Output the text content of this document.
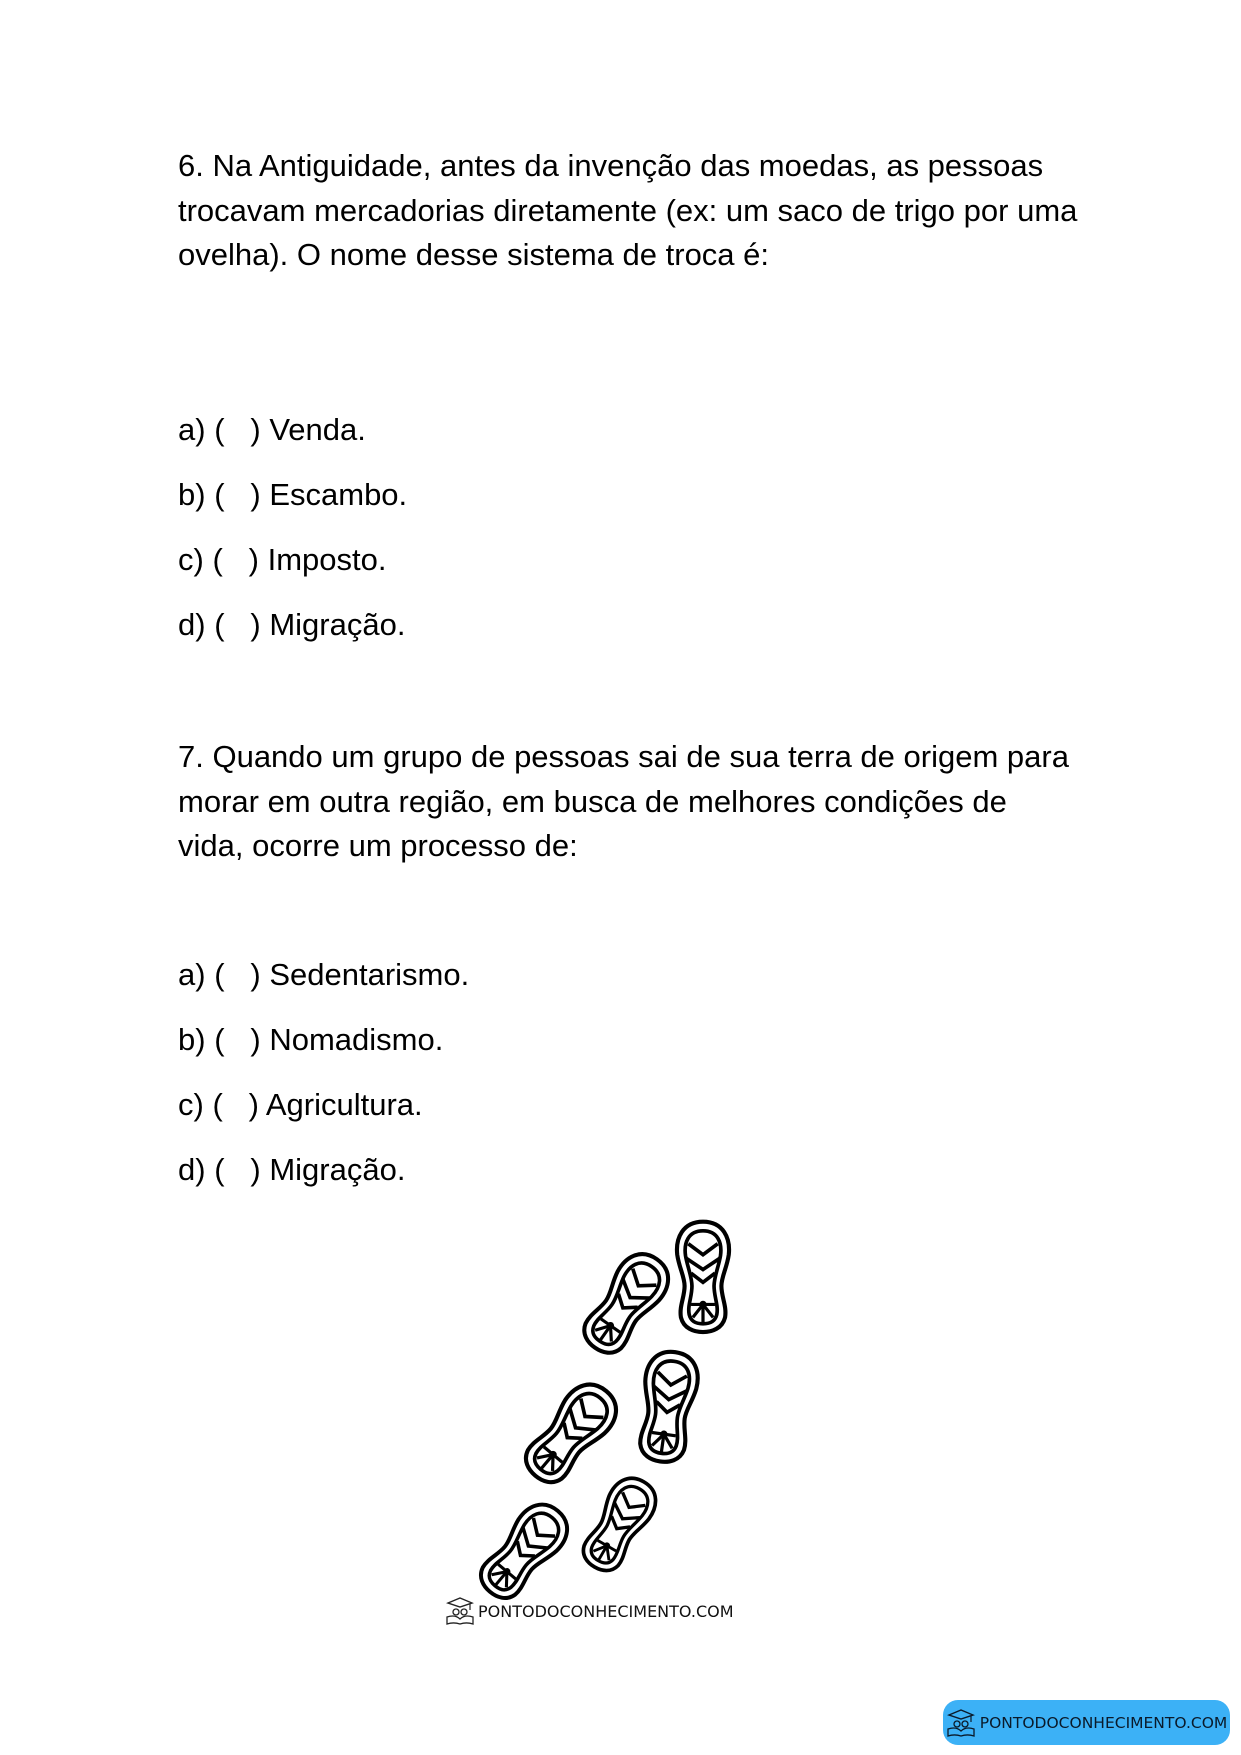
6. Na Antiguidade, antes da invenção das moedas, as pessoas trocavam mercadorias diretamente (ex: um saco de trigo por uma ovelha). O nome desse sistema de troca é:
a) (   ) Venda.
b) (   ) Escambo.
c) (   ) Imposto.
d) (   ) Migração.
7. Quando um grupo de pessoas sai de sua terra de origem para morar em outra região, em busca de melhores condições de vida, ocorre um processo de:
a) (   ) Sedentarismo.
b) (   ) Nomadismo.
c) (   ) Agricultura.
d) (   ) Migração.
PONTODOCONHECIMENTO.COM
PONTODOCONHECIMENTO.COM
